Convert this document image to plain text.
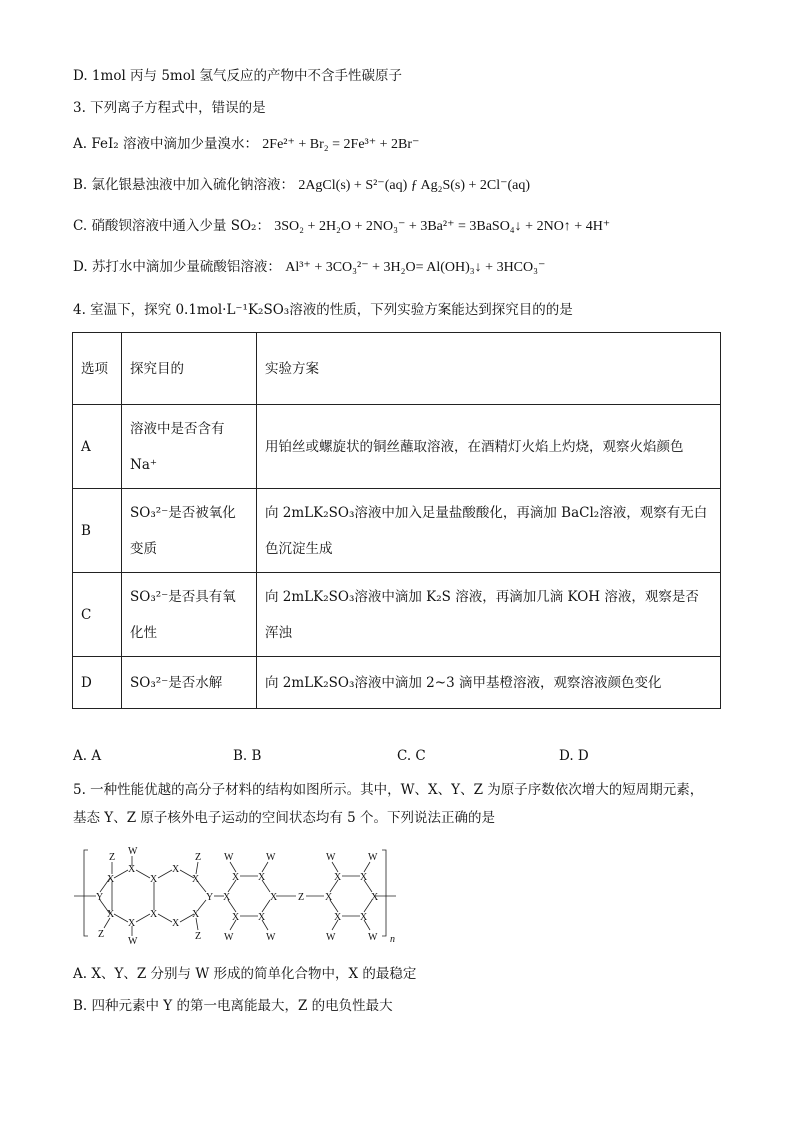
D. 1mol 丙与 5mol 氢气反应的产物中不含手性碳原子
3. 下列离子方程式中，错误的是
A. FeI₂ 溶液中滴加少量溴水： 2Fe²⁺ + Br₂ = 2Fe³⁺ + 2Br⁻
B. 氯化银悬浊液中加入硫化钠溶液： 2AgCl(s) + S²⁻(aq) ƒ Ag₂S(s) + 2Cl⁻(aq)
C. 硝酸钡溶液中通入少量 SO₂： 3SO₂ + 2H₂O + 2NO₃⁻ + 3Ba²⁺ = 3BaSO₄↓ + 2NO↑ + 4H⁺
D. 苏打水中滴加少量硫酸铝溶液： Al³⁺ + 3CO₃²⁻ + 3H₂O= Al(OH)₃↓ + 3HCO₃⁻
4. 室温下，探究 0.1mol·L⁻¹K₂SO₃溶液的性质，下列实验方案能达到探究目的的是
选项	探究目的	实验方案
A	溶液中是否含有 Na⁺	用铂丝或螺旋状的铜丝蘸取溶液，在酒精灯火焰上灼烧，观察火焰颜色
B	SO₃²⁻是否被氧化变质	向 2mLK₂SO₃溶液中加入足量盐酸酸化，再滴加 BaCl₂溶液，观察有无白色沉淀生成
C	SO₃²⁻是否具有氧化性	向 2mLK₂SO₃溶液中滴加 K₂S 溶液，再滴加几滴 KOH 溶液，观察是否浑浊
D	SO₃²⁻是否水解	向 2mLK₂SO₃溶液中滴加 2~3 滴甲基橙溶液，观察溶液颜色变化
A. A	B. B	C. C	D. D
5. 一种性能优越的高分子材料的结构如图所示。其中，W、X、Y、Z 为原子序数依次增大的短周期元素，
基态 Y、Z 原子核外电子运动的空间状态均有 5 个。下列说法正确的是
Y
X
X
Z
Z
X
X
W
W
X
X
X
X
X
X
Z
Z
Y X
X
X
X
X
X
W	W
W	W
Z X
X
X
X
X
X
W	W
W	W n
A. X、Y、Z 分别与 W 形成的简单化合物中，X 的最稳定
B. 四种元素中 Y 的第一电离能最大，Z 的电负性最大
